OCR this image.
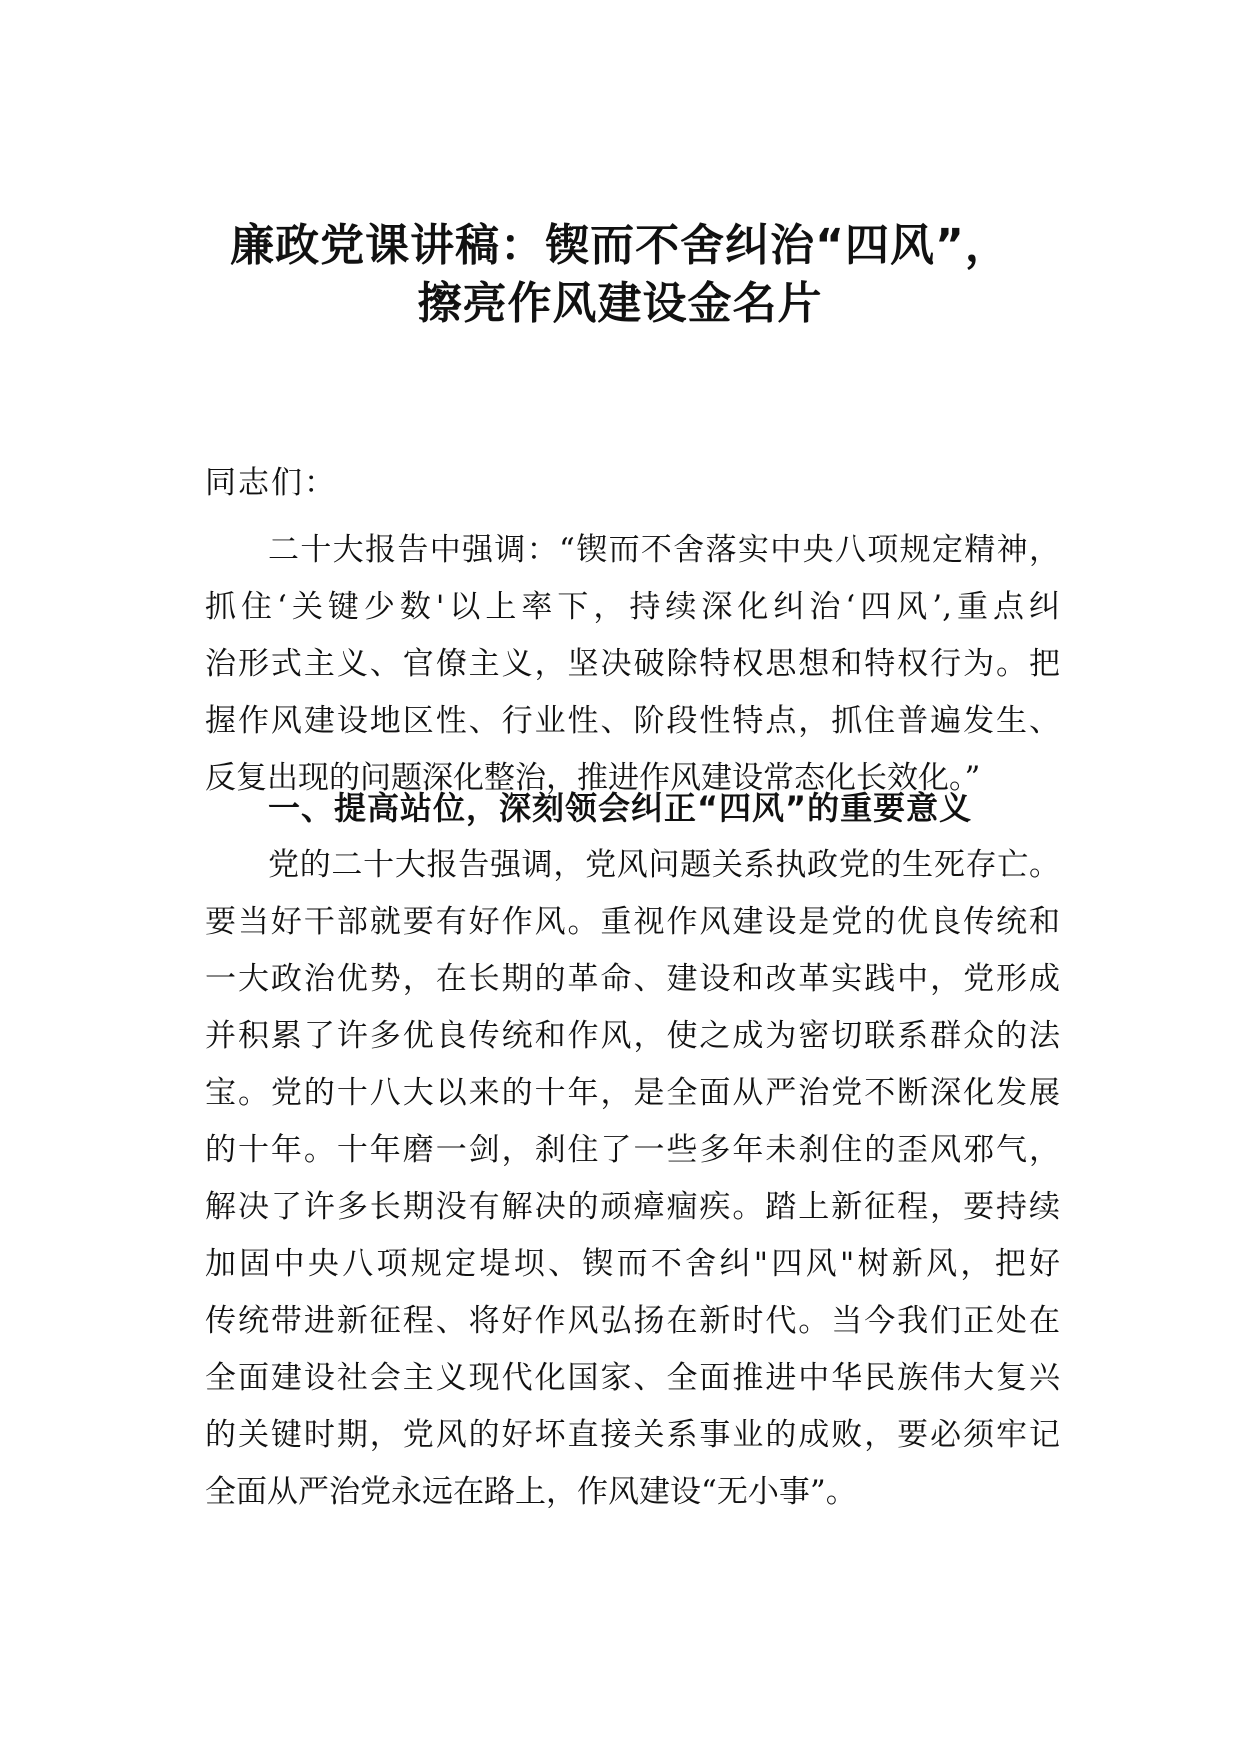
廉政党课讲稿：锲而不舍纠治“四风”，
擦亮作风建设金名片
同志们：
二十大报告中强调：“锲而不舍落实中央八项规定精神，
抓住‘关键少数'以上率下，持续深化纠治‘四风’,重点纠
治形式主义、官僚主义，坚决破除特权思想和特权行为。把
握作风建设地区性、行业性、阶段性特点，抓住普遍发生、
反复出现的问题深化整治，推进作风建设常态化长效化。”
一、提高站位，深刻领会纠正“四风”的重要意义
党的二十大报告强调，党风问题关系执政党的生死存亡。
要当好干部就要有好作风。重视作风建设是党的优良传统和
一大政治优势，在长期的革命、建设和改革实践中，党形成
并积累了许多优良传统和作风，使之成为密切联系群众的法
宝。党的十八大以来的十年，是全面从严治党不断深化发展
的十年。十年磨一剑，刹住了一些多年未刹住的歪风邪气，
解决了许多长期没有解决的顽瘴痼疾。踏上新征程，要持续
加固中央八项规定堤坝、锲而不舍纠"四风"树新风，把好
传统带进新征程、将好作风弘扬在新时代。当今我们正处在
全面建设社会主义现代化国家、全面推进中华民族伟大复兴
的关键时期，党风的好坏直接关系事业的成败，要必须牢记
全面从严治党永远在路上，作风建设“无小事”。
